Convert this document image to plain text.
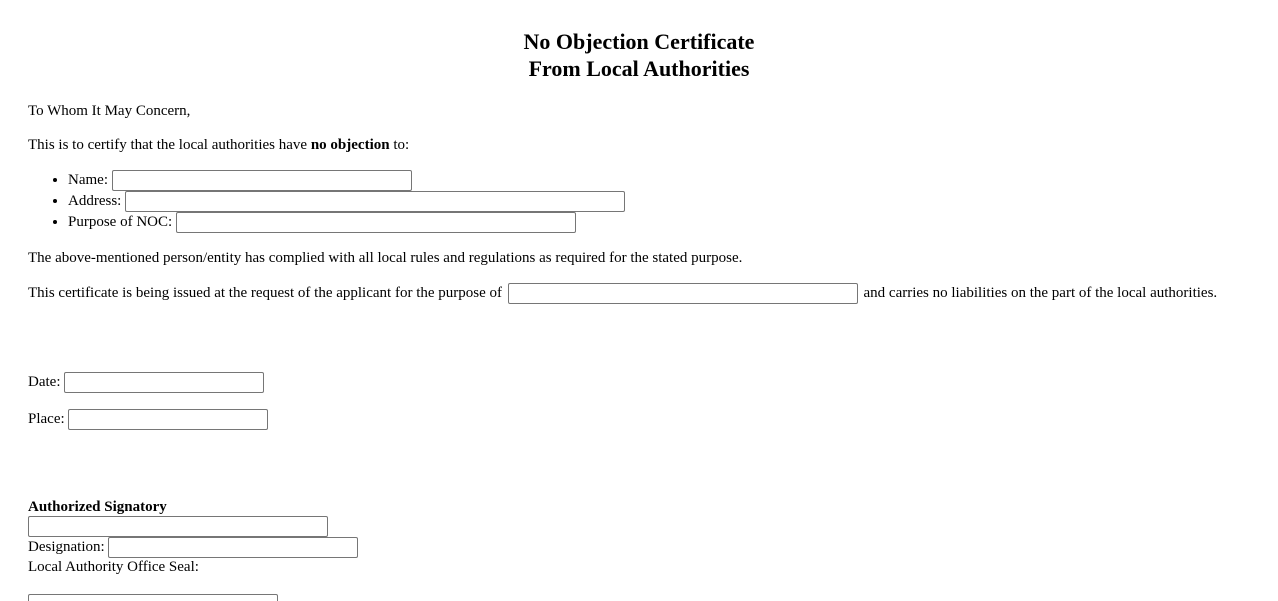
No Objection Certificate
From Local Authorities
To Whom It May Concern,
This is to certify that the local authorities have no objection to:
• Name:
• Address:
• Purpose of NOC:
The above-mentioned person/entity has complied with all local rules and regulations as required for the stated purpose.
This certificate is being issued at the request of the applicant for the purpose of	and carries no liabilities on the part of the local authorities.
Date:
Place:
Authorized Signatory
Designation:
Local Authority Office Seal:
